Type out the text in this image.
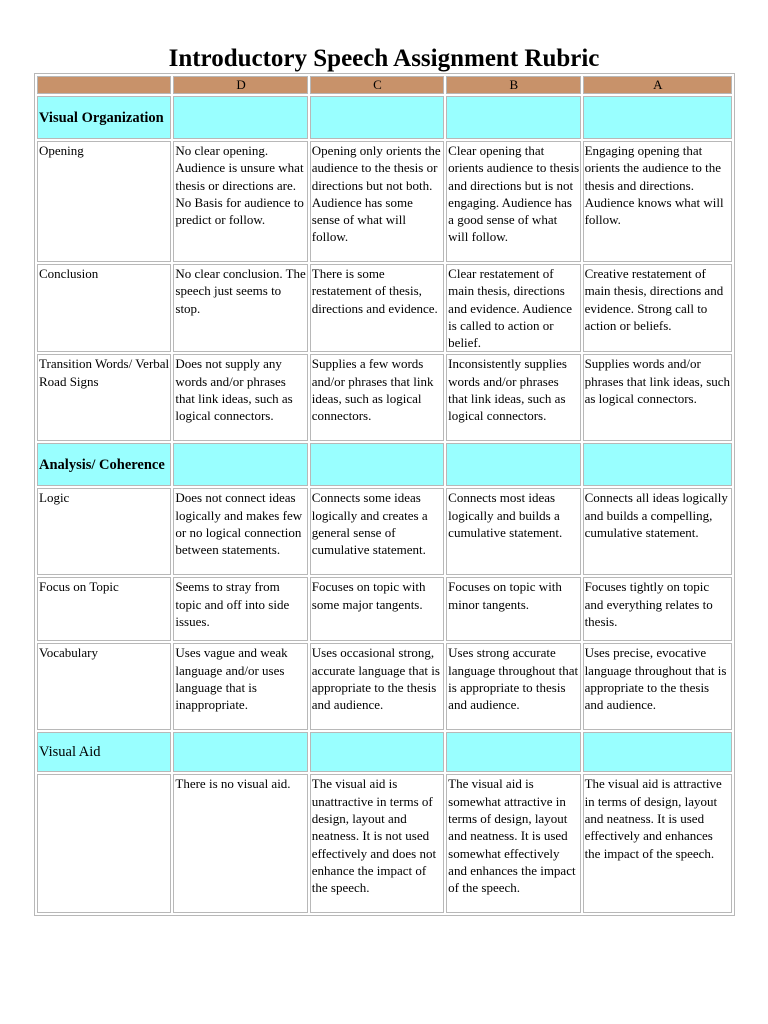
Introductory Speech Assignment Rubric
	D	C	B	A
Visual Organization				
Opening	No clear opening. Audience is unsure what thesis or directions are. No Basis for audience to predict or follow.	Opening only orients the audience to the thesis or directions but not both. Audience has some sense of what will follow.	Clear opening that orients audience to thesis and directions but is not engaging. Audience has a good sense of what will follow.	Engaging opening that orients the audience to the thesis and directions. Audience knows what will follow.
Conclusion	No clear conclusion. The speech just seems to stop.	There is some restatement of thesis, directions and evidence.	Clear restatement of main thesis, directions and evidence. Audience is called to action or belief.	Creative restatement of main thesis, directions and evidence. Strong call to action or beliefs.
Transition Words/ Verbal Road Signs	Does not supply any words and/or phrases that link ideas, such as logical connectors.	Supplies a few words and/or phrases that link ideas, such as logical connectors.	Inconsistently supplies words and/or phrases that link ideas, such as logical connectors.	Supplies words and/or phrases that link ideas, such as logical connectors.
Analysis/ Coherence				
Logic	Does not connect ideas logically and makes few or no logical connection between statements.	Connects some ideas logically and creates a general sense of cumulative statement.	Connects most ideas logically and builds a cumulative statement.	Connects all ideas logically and builds a compelling, cumulative statement.
Focus on Topic	Seems to stray from topic and off into side issues.	Focuses on topic with some major tangents.	Focuses on topic with minor tangents.	Focuses tightly on topic and everything relates to thesis.
Vocabulary	Uses vague and weak language and/or uses language that is inappropriate.	Uses occasional strong, accurate language that is appropriate to the thesis and audience.	Uses strong accurate language throughout that is appropriate to thesis and audience.	Uses precise, evocative language throughout that is appropriate to the thesis and audience.
Visual Aid				
	There is no visual aid.	The visual aid is unattractive in terms of design, layout and neatness. It is not used effectively and does not enhance the impact of the speech.	The visual aid is somewhat attractive in terms of design, layout and neatness. It is used somewhat effectively and enhances the impact of the speech.	The visual aid is attractive in terms of design, layout and neatness. It is used effectively and enhances the impact of the speech.
